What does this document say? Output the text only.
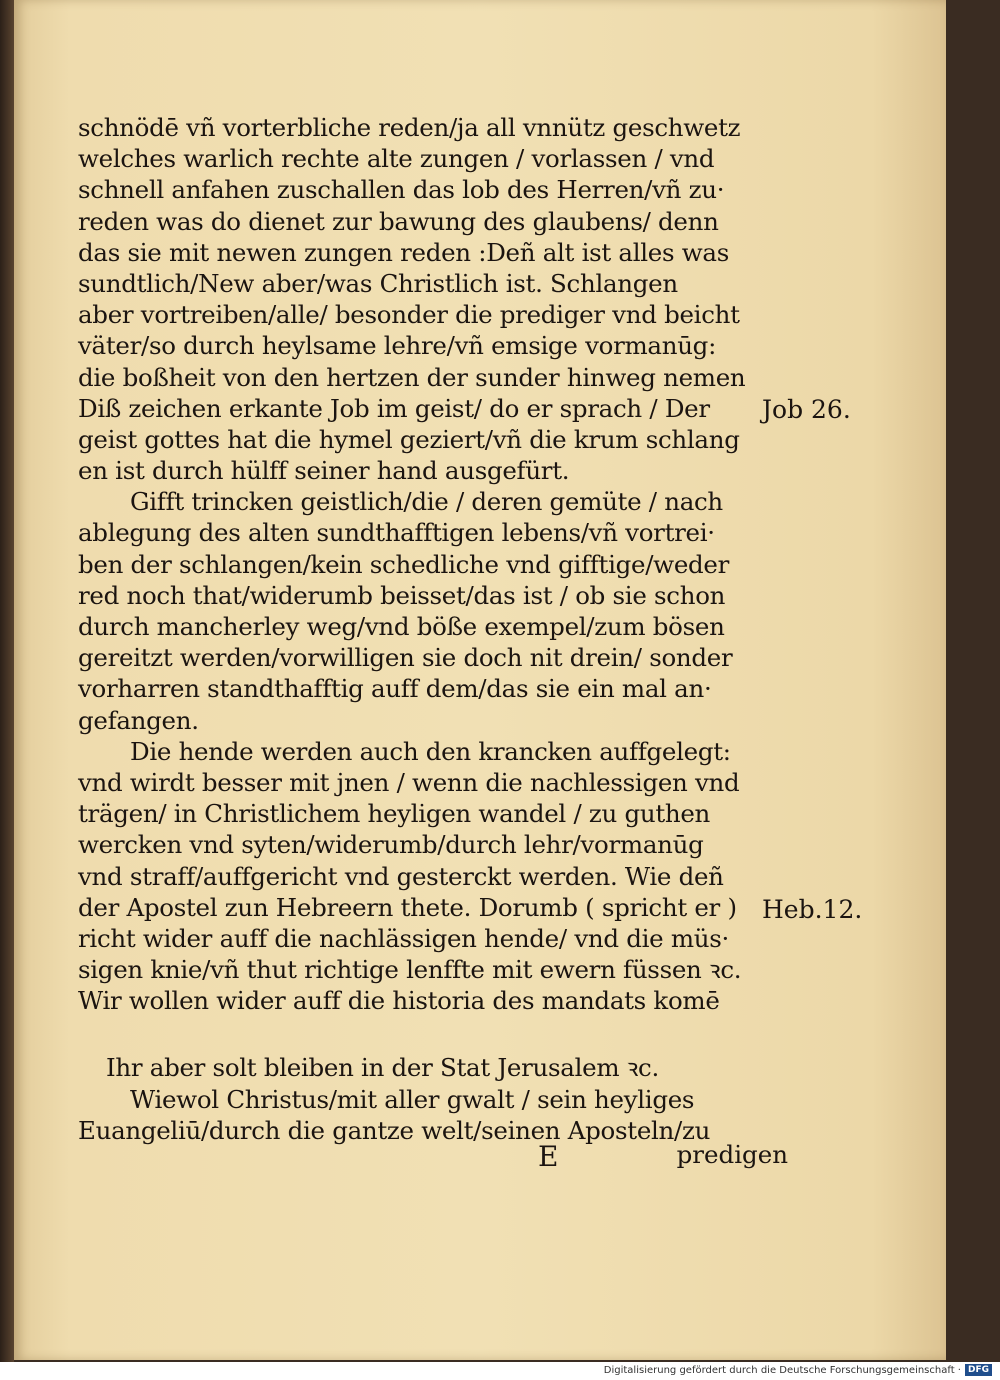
schnödē vñ vorterbliche reden/ja all vnnütz geschwetz
welches warlich rechte alte zungen / vorlassen / vnd
schnell anfahen zuschallen das lob des Herren/vñ zu·
reden was do dienet zur bawung des glaubens/ denn
das sie mit newen zungen reden :Deñ alt ist alles was
sundtlich/New aber/was Christlich ist. Schlangen
aber vortreiben/alle/ besonder die prediger vnd beicht
väter/so durch heylsame lehre/vñ emsige vormanūg:
die boßheit von den hertzen der sunder hinweg nemen
Diß zeichen erkante Job im geist/ do er sprach / Der
geist gottes hat die hymel geziert/vñ die krum schlang
en ist durch hülff seiner hand ausgefürt.
Gifft trincken geistlich/die / deren gemüte / nach
ablegung des alten sundthafftigen lebens/vñ vortrei·
ben der schlangen/kein schedliche vnd gifftige/weder
red noch that/widerumb beisset/das ist / ob sie schon
durch mancherley weg/vnd böße exempel/zum bösen
gereitzt werden/vorwilligen sie doch nit drein/ sonder
vorharren standthafftig auff dem/das sie ein mal an·
gefangen.
Die hende werden auch den krancken auffgelegt:
vnd wirdt besser mit jnen / wenn die nachlessigen vnd
trägen/ in Christlichem heyligen wandel / zu guthen
wercken vnd syten/widerumb/durch lehr/vormanūg
vnd straff/auffgericht vnd gesterckt werden. Wie deñ
der Apostel zun Hebreern thete. Dorumb ( spricht er )
richt wider auff die nachlässigen hende/ vnd die müs·
sigen knie/vñ thut richtige lenffte mit ewern füssen ꝛc.
Wir wollen wider auff die historia des mandats komē
Ihr aber solt bleiben in der Stat Jerusalem ꝛc.
Wiewol Christus/mit aller gwalt / sein heyliges
Euangeliū/durch die gantze welt/seinen Aposteln/zu
Job 26.
Heb.12.
E	predigen
Digitalisierung gefördert durch die Deutsche Forschungsgemeinschaft · DFG
